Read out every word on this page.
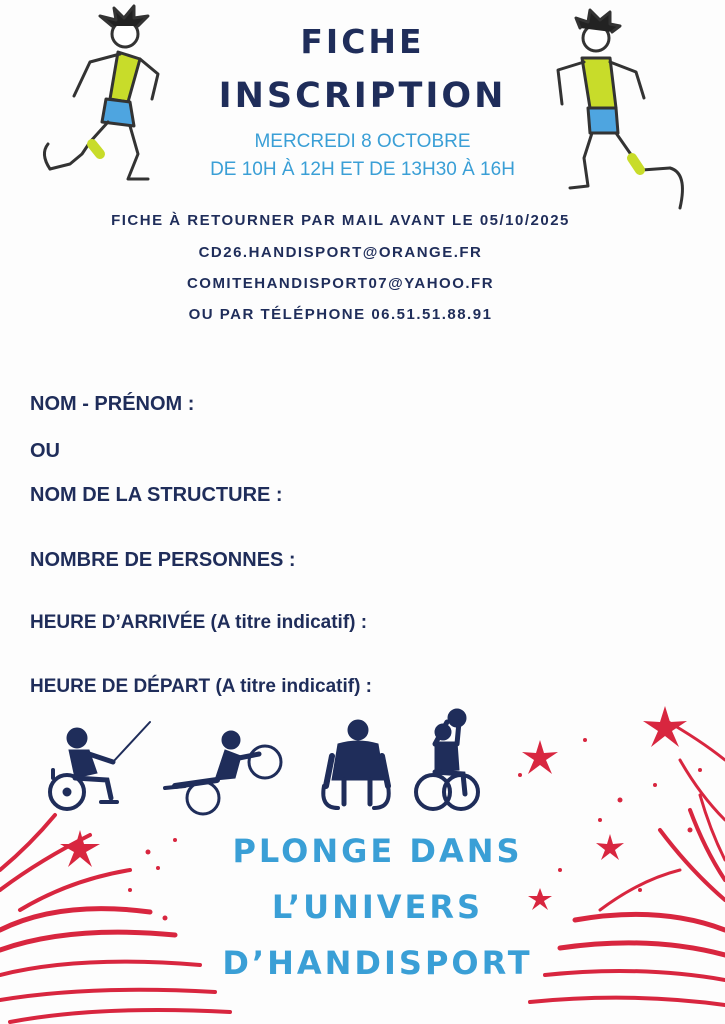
FICHE
INSCRIPTION
MERCREDI 8 OCTOBRE
DE 10H À 12H ET DE 13H30 À 16H
FICHE À RETOURNER PAR MAIL AVANT LE 05/10/2025
CD26.HANDISPORT@ORANGE.FR
COMITEHANDISPORT07@YAHOO.FR
OU PAR TÉLÉPHONE 06.51.51.88.91
NOM - PRÉNOM :
OU
NOM DE LA STRUCTURE :
NOMBRE DE PERSONNES :
HEURE D’ARRIVÉE (A titre indicatif) :
HEURE DE DÉPART (A titre indicatif) :
PLONGE DANS
L’UNIVERS
D’HANDISPORT
